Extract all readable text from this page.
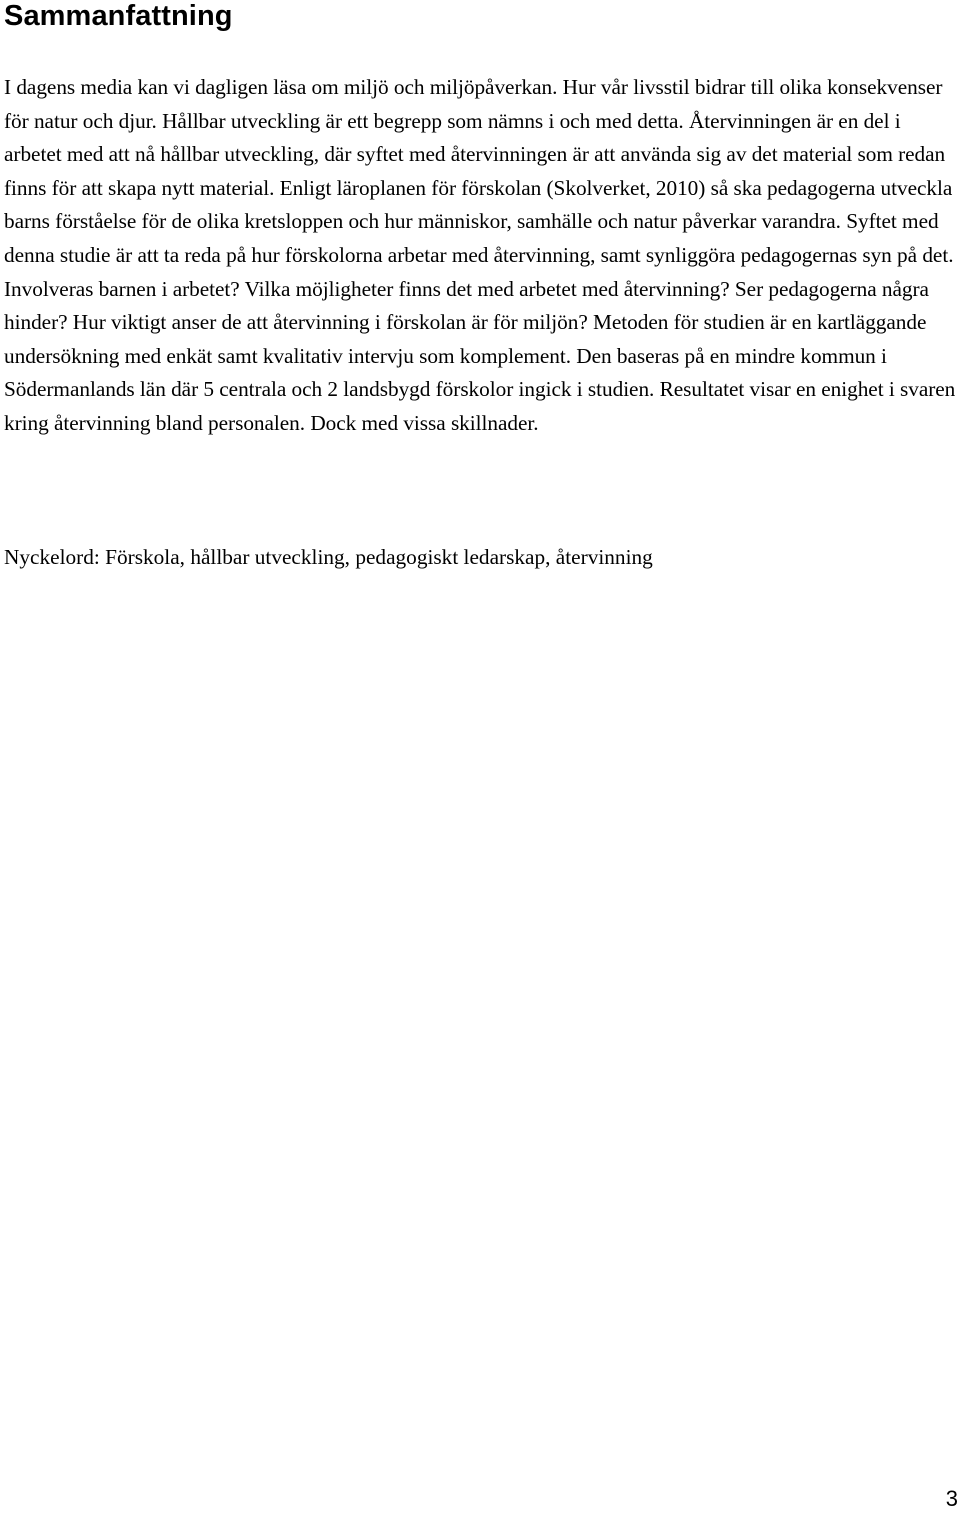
Sammanfattning

I dagens media kan vi dagligen läsa om miljö och miljöpåverkan. Hur vår livsstil bidrar till olika konsekvenser för natur och djur. Hållbar utveckling är ett begrepp som nämns i och med detta. Återvinningen är en del i arbetet med att nå hållbar utveckling, där syftet med återvinningen är att använda sig av det material som redan finns för att skapa nytt material. Enligt läroplanen för förskolan (Skolverket, 2010) så ska pedagogerna utveckla barns förståelse för de olika kretsloppen och hur människor, samhälle och natur påverkar varandra. Syftet med denna studie är att ta reda på hur förskolorna arbetar med återvinning, samt synliggöra pedagogernas syn på det. Involveras barnen i arbetet? Vilka möjligheter finns det med arbetet med återvinning? Ser pedagogerna några hinder? Hur viktigt anser de att återvinning i förskolan är för miljön? Metoden för studien är en kartläggande undersökning med enkät samt kvalitativ intervju som komplement. Den baseras på en mindre kommun i Södermanlands län där 5 centrala och 2 landsbygd förskolor ingick i studien. Resultatet visar en enighet i svaren kring återvinning bland personalen. Dock med vissa skillnader.

Nyckelord: Förskola, hållbar utveckling, pedagogiskt ledarskap, återvinning

3
